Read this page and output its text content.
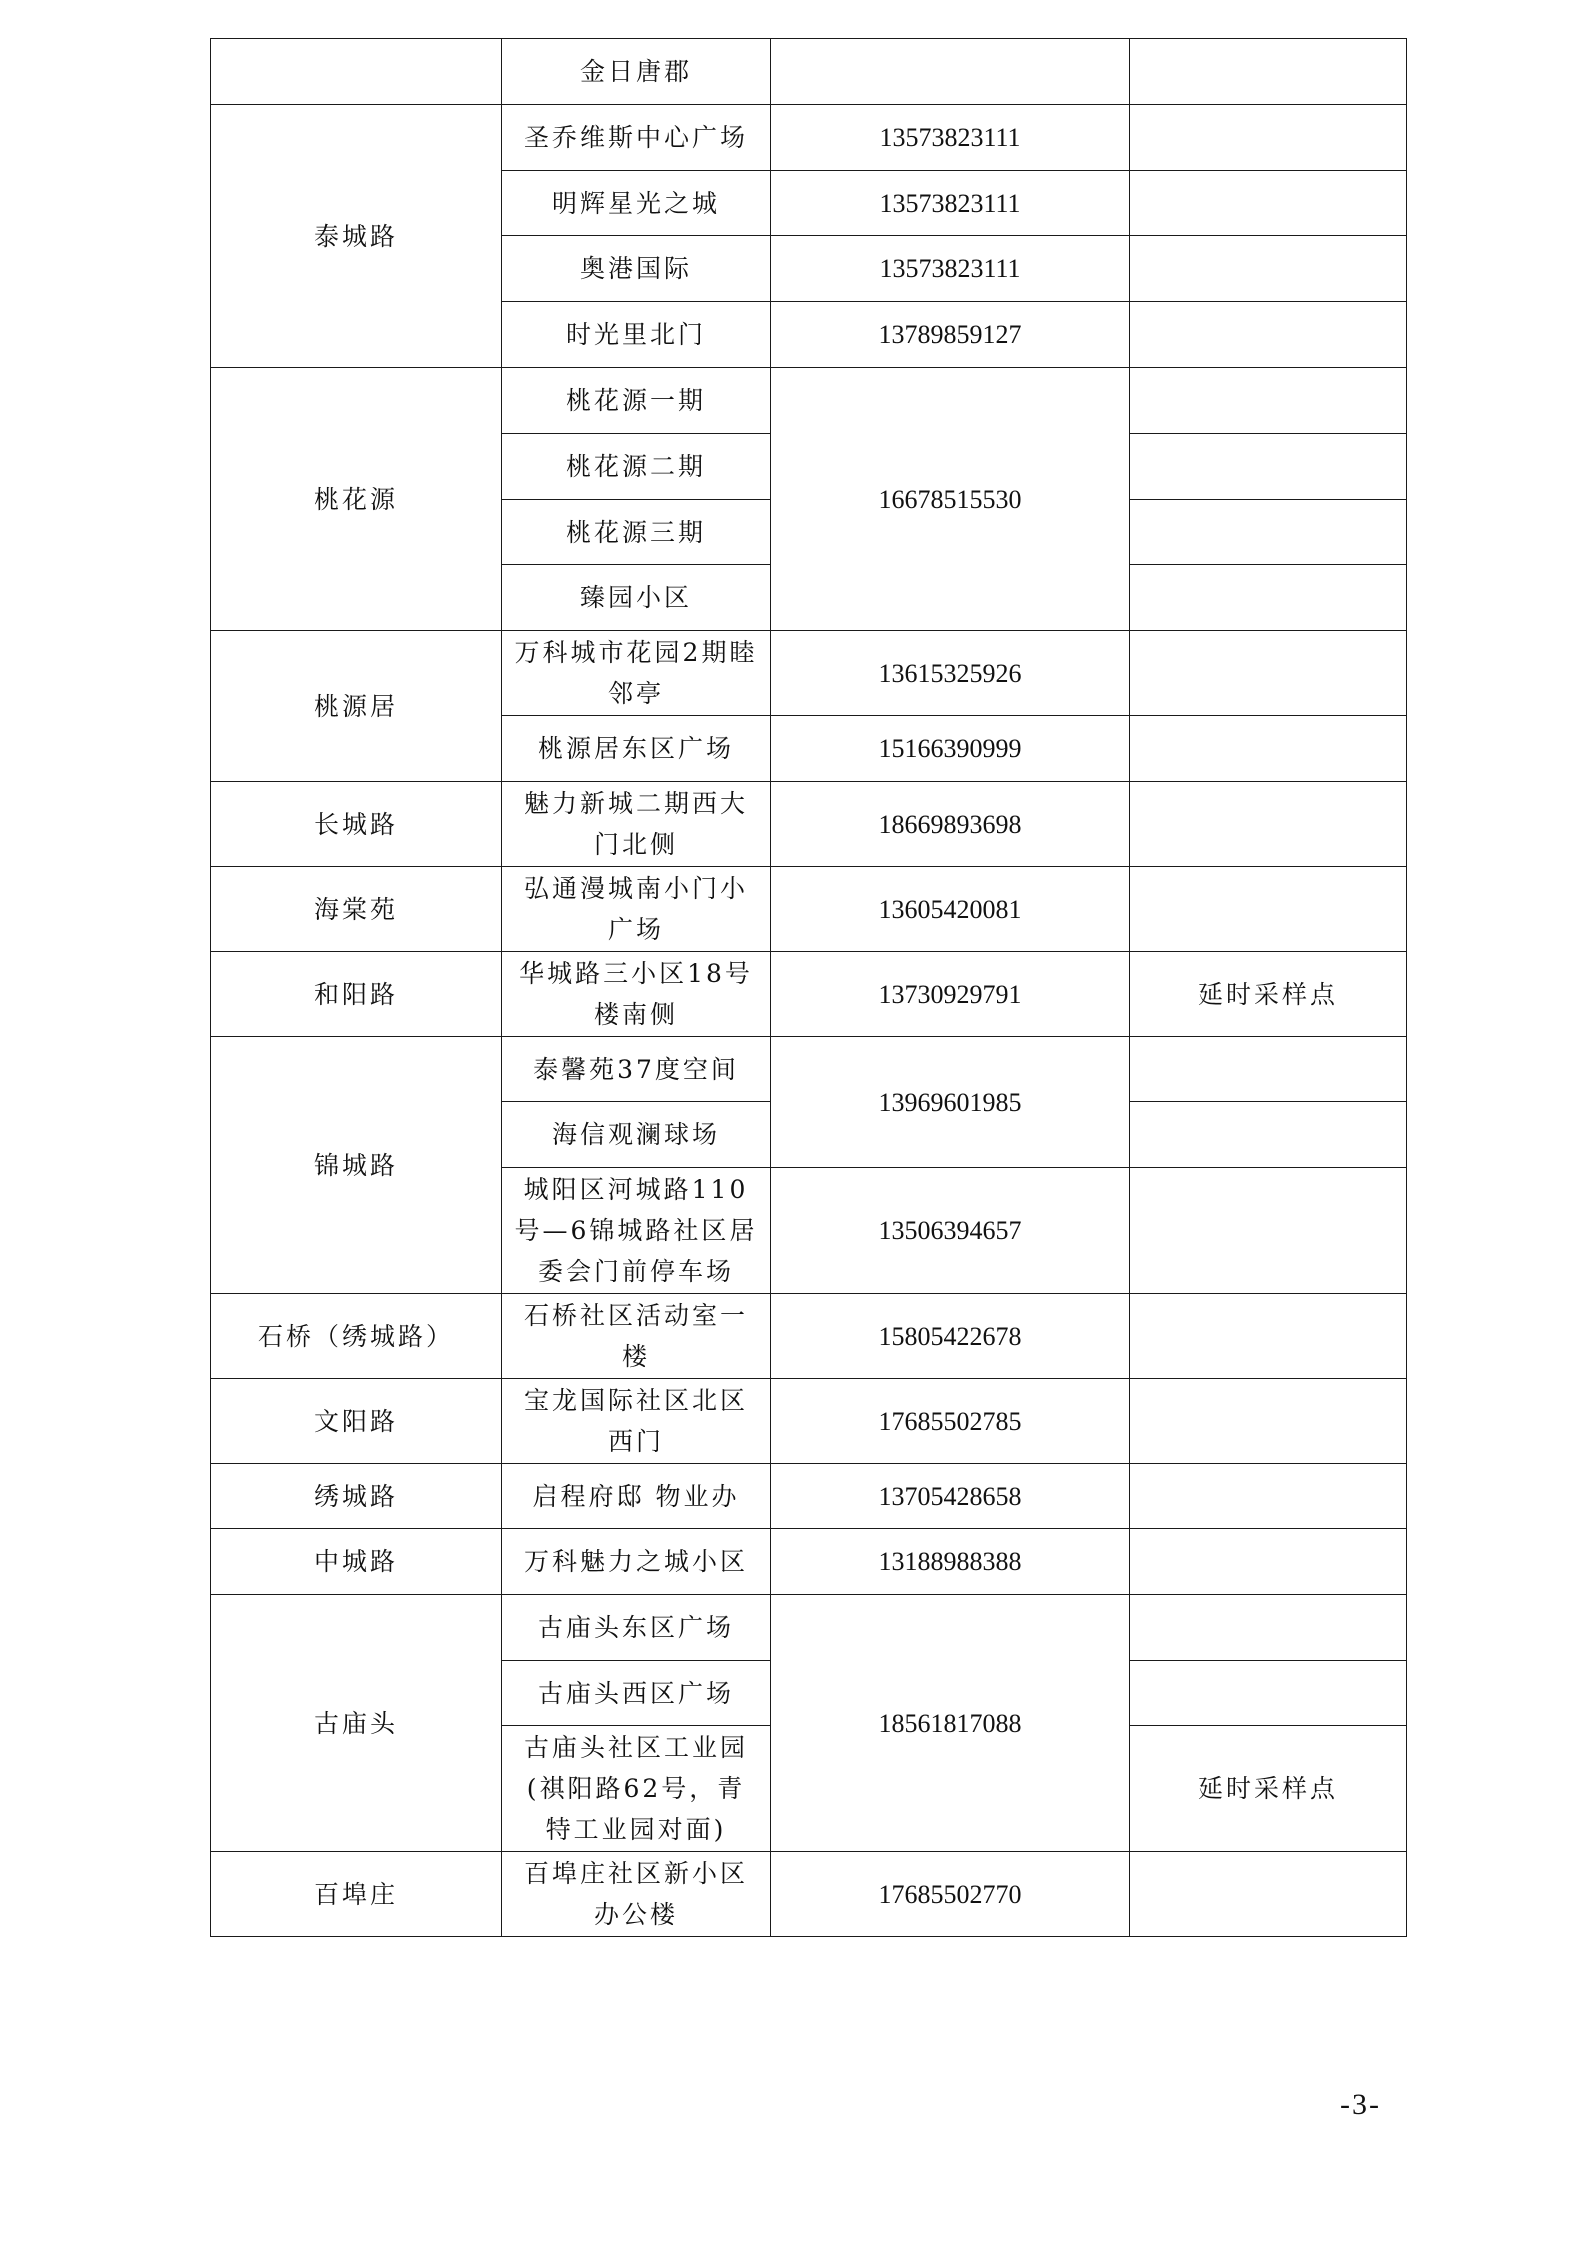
	金日唐郡		
泰城路	圣乔维斯中心广场	13573823111	
	明辉星光之城	13573823111	
	奥港国际	13573823111	
	时光里北门	13789859127	
桃花源	桃花源一期	16678515530	
	桃花源二期		
	桃花源三期		
	臻园小区		
桃源居	万科城市花园2期睦邻亭	13615325926	
	桃源居东区广场	15166390999	
长城路	魅力新城二期西大门北侧	18669893698	
海棠苑	弘通漫城南小门小广场	13605420081	
和阳路	华城路三小区18号楼南侧	13730929791	延时采样点
锦城路	泰馨苑37度空间	13969601985	
	海信观澜球场		
	城阳区河城路110号—6锦城路社区居委会门前停车场	13506394657	
石桥（绣城路）	石桥社区活动室一楼	15805422678	
文阳路	宝龙国际社区北区西门	17685502785	
绣城路	启程府邸 物业办	13705428658	
中城路	万科魅力之城小区	13188988388	
古庙头	古庙头东区广场	18561817088	
	古庙头西区广场		
	古庙头社区工业园(祺阳路62号，青特工业园对面)		延时采样点
百埠庄	百埠庄社区新小区办公楼	17685502770	
-3-
